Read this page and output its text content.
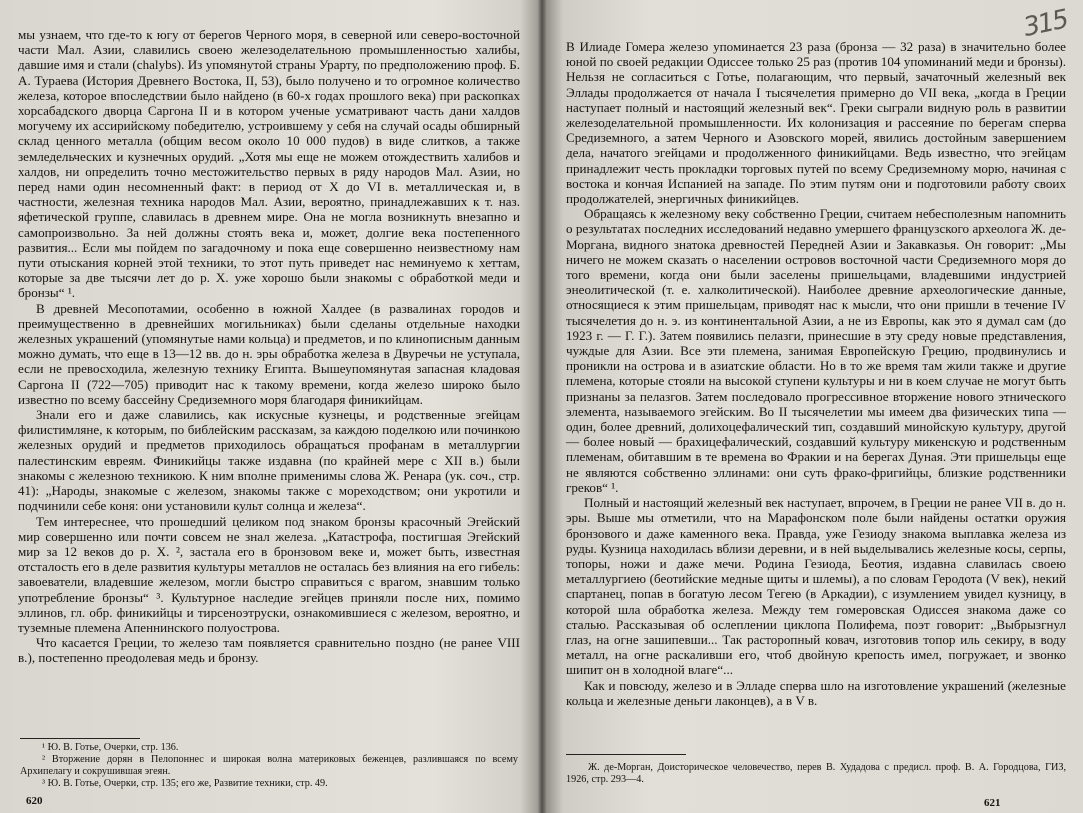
мы узнаем, что где-то к югу от берегов Черного моря, в северной или северо-восточной части Мал. Азии, славились своею железоделательною промышленностью халибы, давшие имя и стали (chalybs). Из упомянутой страны Урарту, по предположению проф. Б. А. Тураева (История Древнего Востока, II, 53), было получено и то огромное количество железа, которое впоследствии было найдено (в 60-х годах прошлого века) при раскопках хорсабадского дворца Саргона II и в котором ученые усматривают часть дани халдов могучему их ассирийскому победителю, устроившему у себя на случай осады обширный склад ценного металла (общим весом около 10 000 пудов) в виде слитков, а также земледельческих и кузнечных орудий. „Хотя мы еще не можем отождествить халибов и халдов, ни определить точно местожительство первых в ряду народов Мал. Азии, но перед нами один несомненный факт: в период от X до VI в. металлическая и, в частности, железная техника народов Мал. Азии, вероятно, принадлежавших к т. наз. яфетической группе, славилась в древнем мире. Она не могла возникнуть внезапно и самопроизвольно. За ней должны стоять века и, может, долгие века постепенного развития... Если мы пойдем по загадочному и пока еще совершенно неизвестному нам пути отыскания корней этой техники, то этот путь приведет нас неминуемо к хеттам, которые за две тысячи лет до р. Х. уже хорошо были знакомы с обработкой меди и бронзы“ ¹.

В древней Месопотамии, особенно в южной Халдее (в развалинах городов и преимущественно в древнейших могильниках) были сделаны отдельные находки железных украшений (упомянутые нами кольца) и предметов, и по клинописным данным можно думать, что еще в 13—12 вв. до н. эры обработка железа в Двуречьи не уступала, если не превосходила, железную технику Египта. Вышеупомянутая запасная кладовая Саргона II (722—705) приводит нас к такому времени, когда железо широко было известно по всему бассейну Средиземного моря благодаря финикийцам.

Знали его и даже славились, как искусные кузнецы, и родственные эгейцам филистимляне, к которым, по библейским рассказам, за каждою поделкою или починкою железных орудий и предметов приходилось обращаться профанам в металлургии палестинским евреям. Финикийцы также издавна (по крайней мере с XII в.) были знакомы с железною техникою. К ним вполне применимы слова Ж. Ренара (ук. соч., стр. 41): „Народы, знакомые с железом, знакомы также с мореходством; они укротили и подчинили себе коня: они установили культ солнца и железа“.

Тем интереснее, что прошедший целиком под знаком бронзы красочный Эгейский мир совершенно или почти совсем не знал железа. „Катастрофа, постигшая Эгейский мир за 12 веков до р. Х. ², застала его в бронзовом веке и, может быть, известная отсталость его в деле развития культуры металлов не осталась без влияния на его гибель: завоеватели, владевшие железом, могли быстро справиться с врагом, знавшим только употребление бронзы“ ³. Культурное наследие эгейцев приняли после них, помимо эллинов, гл. обр. финикийцы и тирсеноэтруски, ознакомившиеся с железом, вероятно, и туземные племена Апеннинского полуострова.

Что касается Греции, то железо там появляется сравнительно поздно (не ранее VIII в.), постепенно преодолевая медь и бронзу.

¹ Ю. В. Готье, Очерки, стр. 136.
² Вторжение дорян в Пелопоннес и широкая волна материковых беженцев, разлившаяся по всему Архипелагу и сокрушившая эгеян.
³ Ю. В. Готье, Очерки, стр. 135; его же, Развитие техники, стр. 49.
620

В Илиаде Гомера железо упоминается 23 раза (бронза — 32 раза) в значительно более юной по своей редакции Одиссее только 25 раз (против 104 упоминаний меди и бронзы). Нельзя не согласиться с Готье, полагающим, что первый, зачаточный железный век Эллады продолжается от начала I тысячелетия примерно до VII века, „когда в Греции наступает полный и настоящий железный век“. Греки сыграли видную роль в развитии железоделательной промышленности. Их колонизация и рассеяние по берегам сперва Средиземного, а затем Черного и Азовского морей, явились достойным завершением дела, начатого эгейцами и продолженного финикийцами. Ведь известно, что эгейцам принадлежит честь прокладки торговых путей по всему Средиземному морю, начиная с востока и кончая Испанией на западе. По этим путям они и подготовили работу своих продолжателей, энергичных финикийцев.

Обращаясь к железному веку собственно Греции, считаем небесполезным напомнить о результатах последних исследований недавно умершего французского археолога Ж. де-Моргана, видного знатока древностей Передней Азии и Закавказья. Он говорит: „Мы ничего не можем сказать о населении островов восточной части Средиземного моря до того времени, когда они были заселены пришельцами, владевшими индустрией энеолитической (т. е. халколитической). Наиболее древние археологические данные, относящиеся к этим пришельцам, приводят нас к мысли, что они пришли в течение IV тысячелетия до н. э. из континентальной Азии, а не из Европы, как это я думал сам (до 1923 г. — Г. Г.). Затем появились пелазги, принесшие в эту среду новые представления, чуждые для Азии. Все эти племена, занимая Европейскую Грецию, продвинулись и проникли на острова и в азиатские области. Но в то же время там жили также и другие племена, которые стояли на высокой ступени культуры и ни в коем случае не могут быть признаны за пелазгов. Затем последовало прогрессивное вторжение нового этнического элемента, называемого эгейским. Во II тысячелетии мы имеем два физических типа — один, более древний, долихоцефалический тип, создавший минойскую культуру, другой — более новый — брахицефалический, создавший культуру микенскую и родственным племенам, обитавшим в те времена во Фракии и на берегах Дуная. Эти пришельцы еще не являются собственно эллинами: они суть фрако-фригийцы, близкие родственники греков“ ¹.

Полный и настоящий железный век наступает, впрочем, в Греции не ранее VII в. до н. эры. Выше мы отметили, что на Марафонском поле были найдены остатки оружия бронзового и даже каменного века. Правда, уже Гезиоду знакома выплавка железа из руды. Кузница находилась вблизи деревни, и в ней выделывались железные косы, серпы, топоры, ножи и даже мечи. Родина Гезиода, Беотия, издавна славилась своею металлургиею (беотийские медные щиты и шлемы), а по словам Геродота (V век), некий спартанец, попав в богатую лесом Тегею (в Аркадии), с изумлением увидел кузницу, в которой шла обработка железа. Между тем гомеровская Одиссея знакома даже со сталью. Рассказывая об ослеплении циклопа Полифема, поэт говорит: „Выбрызгнул глаз, на огне зашипевши... Так расторопный ковач, изготовив топор иль секиру, в воду металл, на огне раскаливши его, чтоб двойную крепость имел, погружает, и звонко шипит он в холодной влаге“...

Как и повсюду, железо и в Элладе сперва шло на изготовление украшений (железные кольца и железные деньги лаконцев), а в V в.

Ж. де-Морган, Доисторическое человечество, перев В. Худадова с предисл. проф. В. А. Городцова, ГИЗ, 1926, стр. 293—4.
621
315
